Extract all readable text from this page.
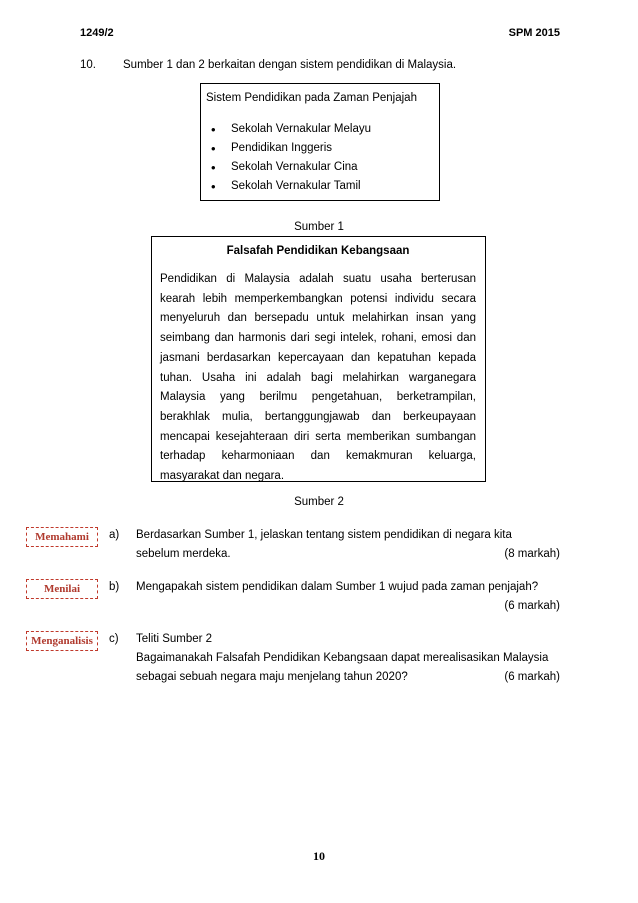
1249/2	SPM 2015
10. Sumber 1 dan 2 berkaitan dengan sistem pendidikan di Malaysia.
Sistem Pendidikan pada Zaman Penjajah
• Sekolah Vernakular Melayu
• Pendidikan Inggeris
• Sekolah Vernakular Cina
• Sekolah Vernakular Tamil
Sumber 1
Falsafah Pendidikan Kebangsaan
Pendidikan di Malaysia adalah suatu usaha berterusan
kearah lebih memperkembangkan potensi individu secara
menyeluruh dan bersepadu untuk melahirkan insan yang
seimbang dan harmonis dari segi intelek, rohani, emosi dan
jasmani berdasarkan kepercayaan dan kepatuhan kepada
tuhan. Usaha ini adalah bagi melahirkan warganegara
Malaysia yang berilmu pengetahuan, berketrampilan,
berakhlak mulia, bertanggungjawab dan berkeupayaan
mencapai kesejahteraan diri serta memberikan sumbangan
terhadap keharmoniaan dan kemakmuran keluarga,
masyarakat dan negara.
Sumber 2
Memahami	a) Berdasarkan Sumber 1, jelaskan tentang sistem pendidikan di negara kita
sebelum merdeka.	(8 markah)
Menilai	b) Mengapakah sistem pendidikan dalam Sumber 1 wujud pada zaman penjajah?
(6 markah)
Menganalisis	c) Teliti Sumber 2
Bagaimanakah Falsafah Pendidikan Kebangsaan dapat merealisasikan Malaysia
sebagai sebuah negara maju menjelang tahun 2020?	(6 markah)
10
